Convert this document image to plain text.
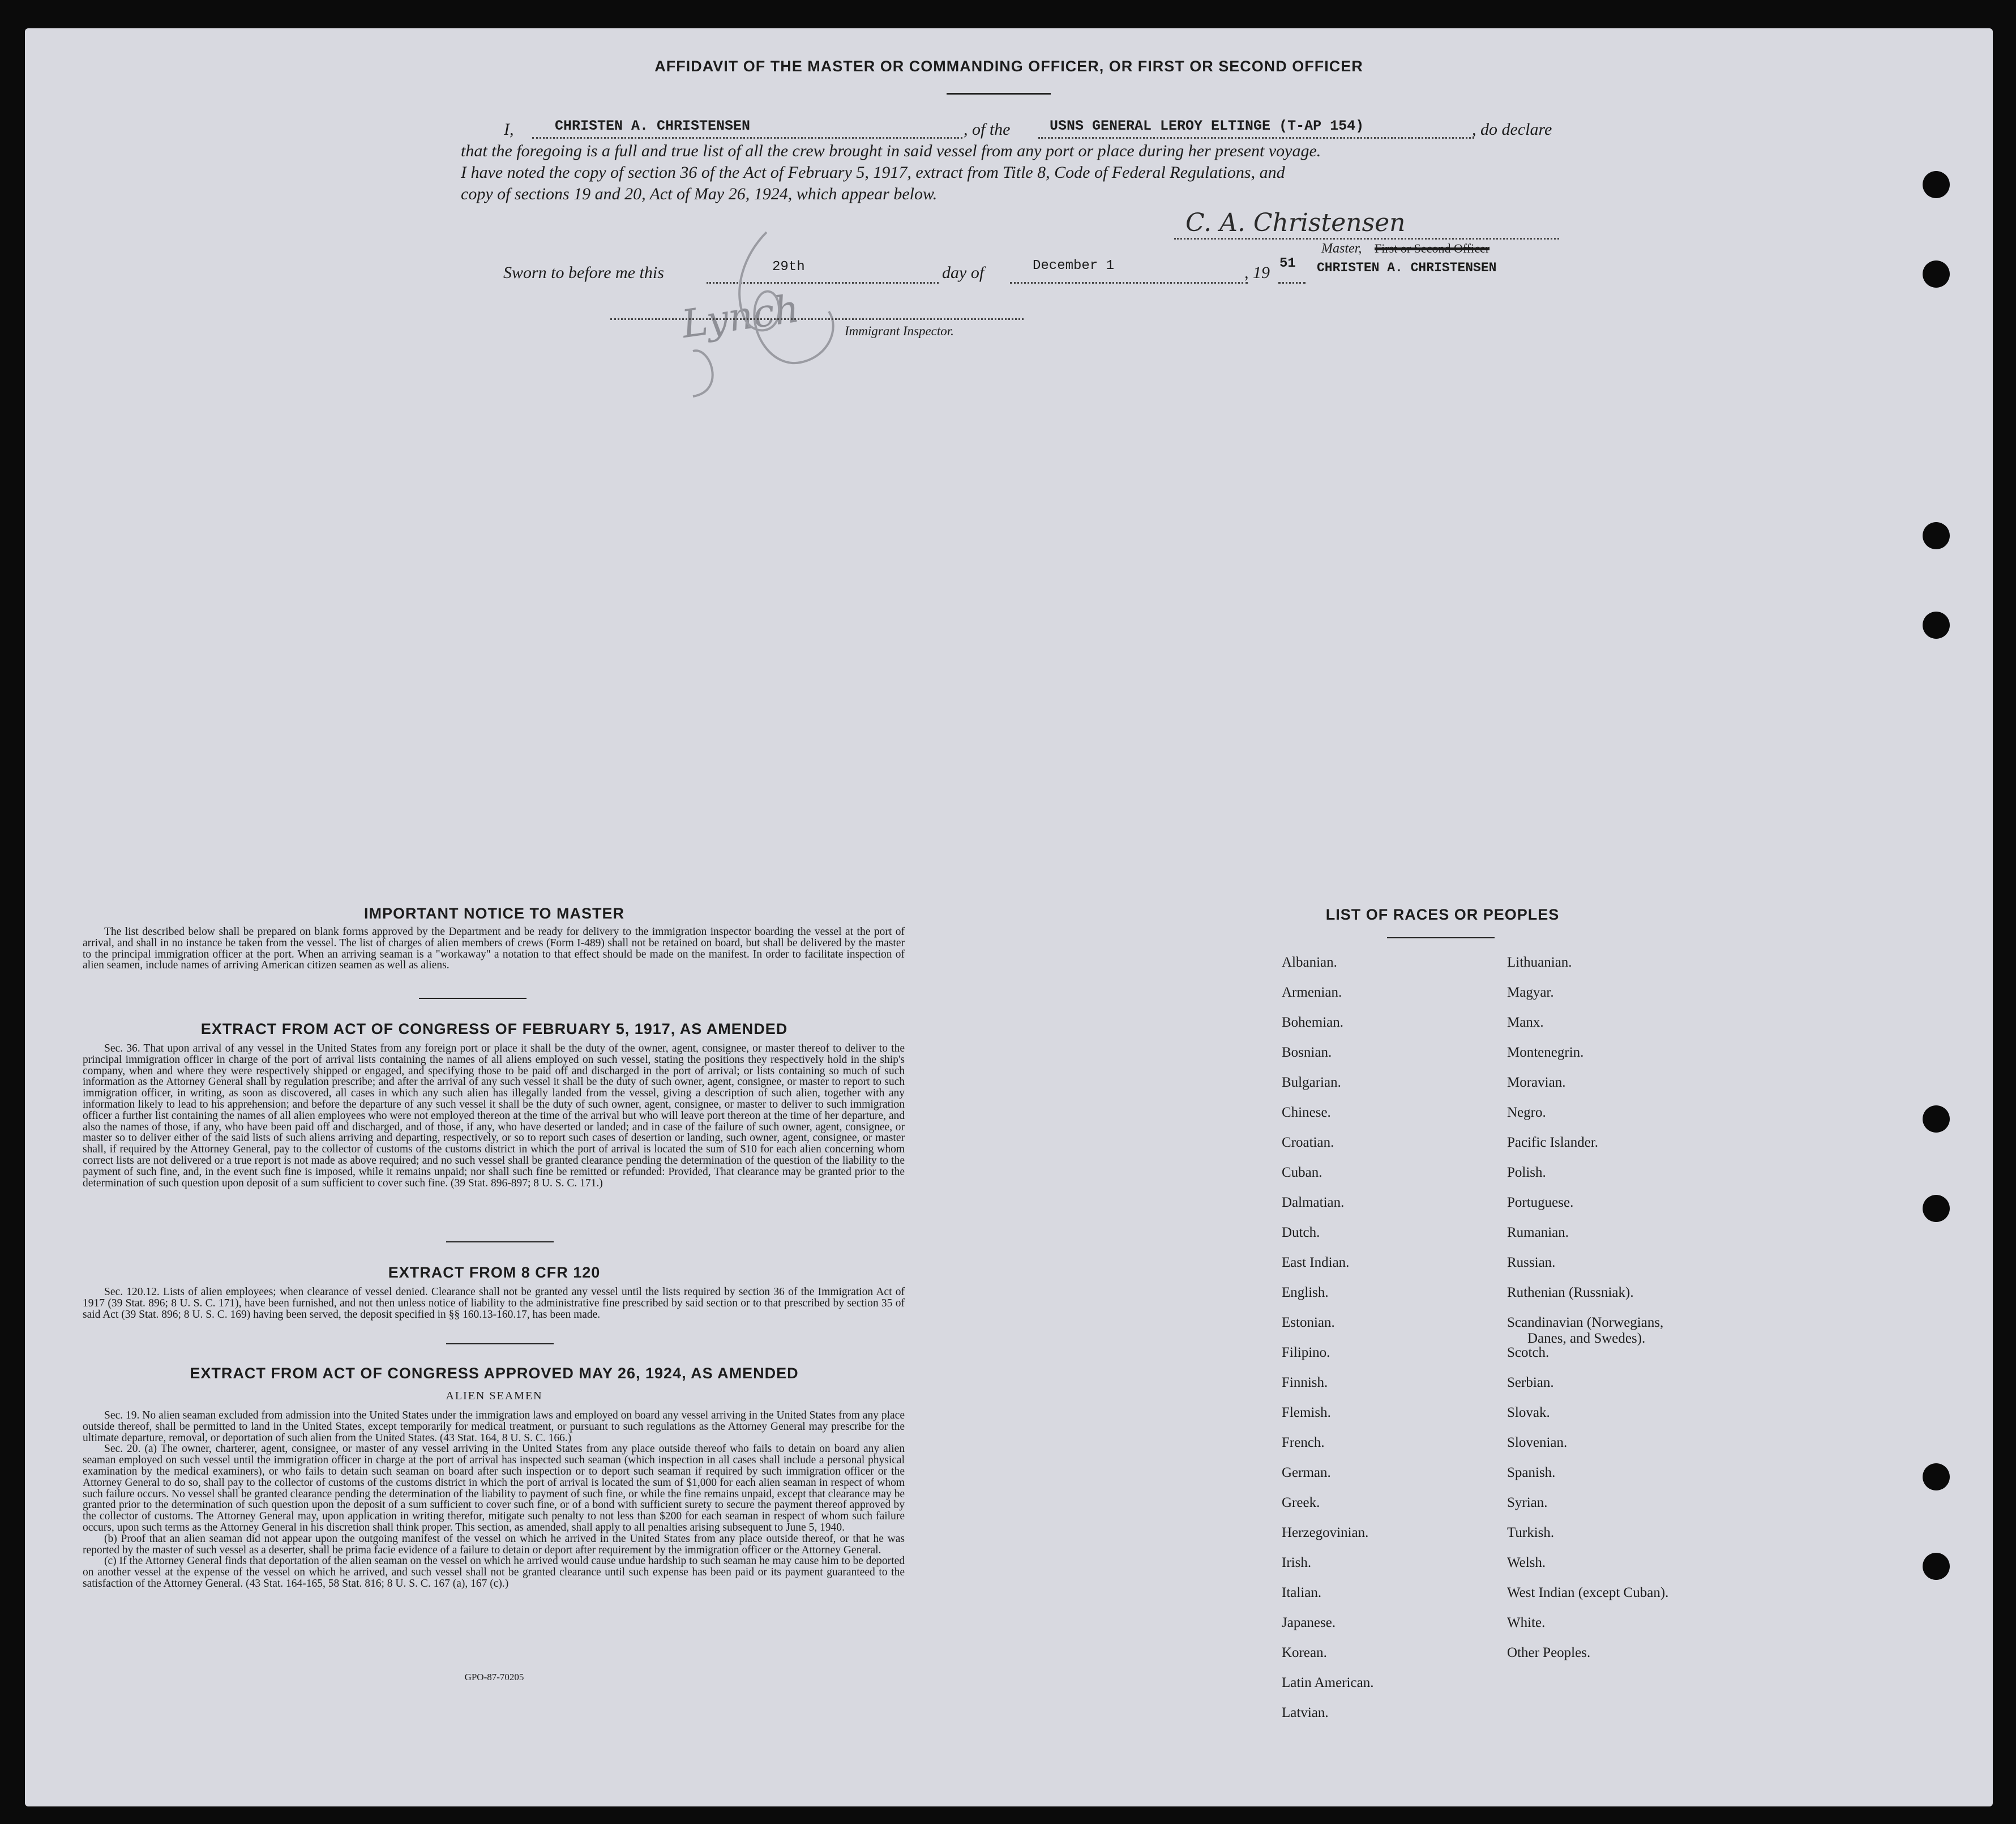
AFFIDAVIT OF THE MASTER OR COMMANDING OFFICER, OR FIRST OR SECOND OFFICER
I,	CHRISTEN A. CHRISTENSEN	, of the	USNS GENERAL LEROY ELTINGE (T-AP 154)	, do declare
that the foregoing is a full and true list of all the crew brought in said vessel from any port or place during her present voyage.
I have noted the copy of section 36 of the Act of February 5, 1917, extract from Title 8, Code of Federal Regulations, and
copy of sections 19 and 20, Act of May 26, 1924, which appear below.
C. A. Christensen
Master, First or Second Officer
CHRISTEN A. CHRISTENSEN
Sworn to before me this	29th	day of	December 1	, 19 51
Lynch	Immigrant Inspector.
IMPORTANT NOTICE TO MASTER

The list described below shall be prepared on blank forms approved by the Department and be ready for delivery to the immigration inspector boarding the vessel at the port of arrival, and shall in no instance be taken from the vessel. The list of charges of alien members of crews (Form I-489) shall not be retained on board, but shall be delivered by the master to the principal immigration officer at the port. When an arriving seaman is a "workaway" a notation to that effect should be made on the manifest. In order to facilitate inspection of alien seamen, include names of arriving American citizen seamen as well as aliens.

EXTRACT FROM ACT OF CONGRESS OF FEBRUARY 5, 1917, AS AMENDED

Sec. 36. That upon arrival of any vessel in the United States from any foreign port or place it shall be the duty of the owner, agent, consignee, or master thereof to deliver to the principal immigration officer in charge of the port of arrival lists containing the names of all aliens employed on such vessel, stating the positions they respectively hold in the ship's company, when and where they were respectively shipped or engaged, and specifying those to be paid off and discharged in the port of arrival; or lists containing so much of such information as the Attorney General shall by regulation prescribe; and after the arrival of any such vessel it shall be the duty of such owner, agent, consignee, or master to report to such immigration officer, in writing, as soon as discovered, all cases in which any such alien has illegally landed from the vessel, giving a description of such alien, together with any information likely to lead to his apprehension; and before the departure of any such vessel it shall be the duty of such owner, agent, consignee, or master to deliver to such immigration officer a further list containing the names of all alien employees who were not employed thereon at the time of the arrival but who will leave port thereon at the time of her departure, and also the names of those, if any, who have been paid off and discharged, and of those, if any, who have deserted or landed; and in case of the failure of such owner, agent, consignee, or master so to deliver either of the said lists of such aliens arriving and departing, respectively, or so to report such cases of desertion or landing, such owner, agent, consignee, or master shall, if required by the Attorney General, pay to the collector of customs of the customs district in which the port of arrival is located the sum of $10 for each alien concerning whom correct lists are not delivered or a true report is not made as above required; and no such vessel shall be granted clearance pending the determination of the question of the liability to the payment of such fine, and, in the event such fine is imposed, while it remains unpaid; nor shall such fine be remitted or refunded: Provided, That clearance may be granted prior to the determination of such question upon deposit of a sum sufficient to cover such fine. (39 Stat. 896-897; 8 U. S. C. 171.)

EXTRACT FROM 8 CFR 120

Sec. 120.12. Lists of alien employees; when clearance of vessel denied. Clearance shall not be granted any vessel until the lists required by section 36 of the Immigration Act of 1917 (39 Stat. 896; 8 U. S. C. 171), have been furnished, and not then unless notice of liability to the administrative fine prescribed by said section or to that prescribed by section 35 of said Act (39 Stat. 896; 8 U. S. C. 169) having been served, the deposit specified in §§ 160.13-160.17, has been made.

EXTRACT FROM ACT OF CONGRESS APPROVED MAY 26, 1924, AS AMENDED
ALIEN SEAMEN

Sec. 19. No alien seaman excluded from admission into the United States under the immigration laws and employed on board any vessel arriving in the United States from any place outside thereof, shall be permitted to land in the United States, except temporarily for medical treatment, or pursuant to such regulations as the Attorney General may prescribe for the ultimate departure, removal, or deportation of such alien from the United States. (43 Stat. 164, 8 U. S. C. 166.)

Sec. 20. (a) The owner, charterer, agent, consignee, or master of any vessel arriving in the United States from any place outside thereof who fails to detain on board any alien seaman employed on such vessel until the immigration officer in charge at the port of arrival has inspected such seaman (which inspection in all cases shall include a personal physical examination by the medical examiners), or who fails to detain such seaman on board after such inspection or to deport such seaman if required by such immigration officer or the Attorney General to do so, shall pay to the collector of customs of the customs district in which the port of arrival is located the sum of $1,000 for each alien seaman in respect of whom such failure occurs. No vessel shall be granted clearance pending the determination of the liability to payment of such fine, or while the fine remains unpaid, except that clearance may be granted prior to the determination of such question upon the deposit of a sum sufficient to cover such fine, or of a bond with sufficient surety to secure the payment thereof approved by the collector of customs. The Attorney General may, upon application in writing therefor, mitigate such penalty to not less than $200 for each seaman in respect of whom such failure occurs, upon such terms as the Attorney General in his discretion shall think proper. This section, as amended, shall apply to all penalties arising subsequent to June 5, 1940.

(b) Proof that an alien seaman did not appear upon the outgoing manifest of the vessel on which he arrived in the United States from any place outside thereof, or that he was reported by the master of such vessel as a deserter, shall be prima facie evidence of a failure to detain or deport after requirement by the immigration officer or the Attorney General.

(c) If the Attorney General finds that deportation of the alien seaman on the vessel on which he arrived would cause undue hardship to such seaman he may cause him to be deported on another vessel at the expense of the vessel on which he arrived, and such vessel shall not be granted clearance until such expense has been paid or its payment guaranteed to the satisfaction of the Attorney General. (43 Stat. 164-165, 58 Stat. 816; 8 U. S. C. 167 (a), 167 (c).)

GPO-87-70205
LIST OF RACES OR PEOPLES
Albanian.
Armenian.
Bohemian.
Bosnian.
Bulgarian.
Chinese.
Croatian.
Cuban.
Dalmatian.
Dutch.
East Indian.
English.
Estonian.
Filipino.
Finnish.
Flemish.
French.
German.
Greek.
Herzegovinian.
Irish.
Italian.
Japanese.
Korean.
Latin American.
Latvian.
Lithuanian.
Magyar.
Manx.
Montenegrin.
Moravian.
Negro.
Pacific Islander.
Polish.
Portuguese.
Rumanian.
Russian.
Ruthenian (Russniak).
Scandinavian (Norwegians,
Danes, and Swedes).
Scotch.
Serbian.
Slovak.
Slovenian.
Spanish.
Syrian.
Turkish.
Welsh.
West Indian (except Cuban).
White.
Other Peoples.
